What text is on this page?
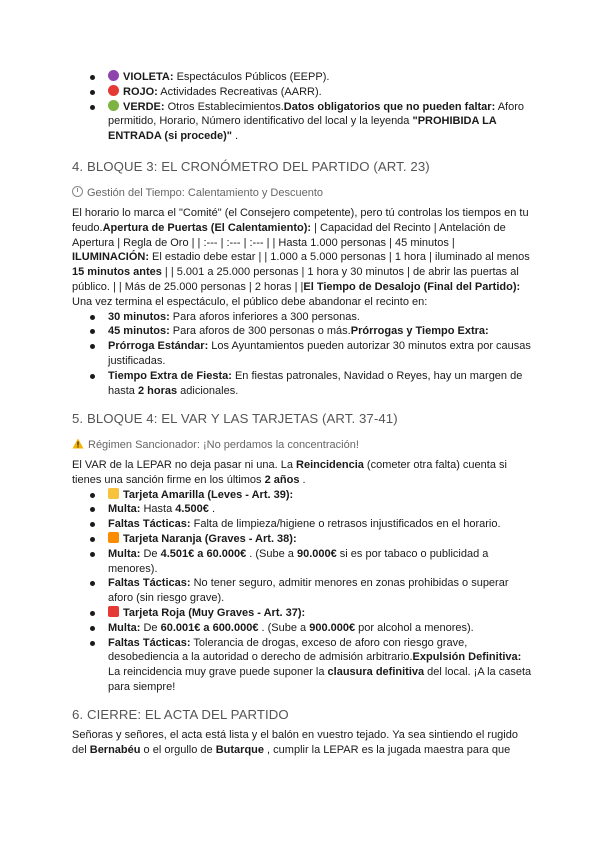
VIOLETA: Espectáculos Públicos (EEPP).
ROJO: Actividades Recreativas (AARR).
VERDE: Otros Establecimientos.Datos obligatorios que no pueden faltar: Aforo permitido, Horario, Número identificativo del local y la leyenda "PROHIBIDA LA ENTRADA (si procede)" .

4. BLOQUE 3: EL CRONÓMETRO DEL PARTIDO (ART. 23)

Gestión del Tiempo: Calentamiento y Descuento

El horario lo marca el "Comité" (el Consejero competente), pero tú controlas los tiempos en tu feudo.Apertura de Puertas (El Calentamiento): | Capacidad del Recinto | Antelación de Apertura | Regla de Oro | | :--- | :--- | :--- | | Hasta 1.000 personas | 45 minutos | ILUMINACIÓN: El estadio debe estar | | 1.000 a 5.000 personas | 1 hora | iluminado al menos 15 minutos antes | | 5.001 a 25.000 personas | 1 hora y 30 minutos | de abrir las puertas al público. | | Más de 25.000 personas | 2 horas | |El Tiempo de Desalojo (Final del Partido): Una vez termina el espectáculo, el público debe abandonar el recinto en:

30 minutos: Para aforos inferiores a 300 personas.
45 minutos: Para aforos de 300 personas o más.Prórrogas y Tiempo Extra:
Prórroga Estándar: Los Ayuntamientos pueden autorizar 30 minutos extra por causas justificadas.
Tiempo Extra de Fiesta: En fiestas patronales, Navidad o Reyes, hay un margen de hasta 2 horas adicionales.

5. BLOQUE 4: EL VAR Y LAS TARJETAS (ART. 37-41)

Régimen Sancionador: ¡No perdamos la concentración!

El VAR de la LEPAR no deja pasar ni una. La Reincidencia (cometer otra falta) cuenta si tienes una sanción firme en los últimos 2 años .

Tarjeta Amarilla (Leves - Art. 39):
Multa: Hasta 4.500€ .
Faltas Tácticas: Falta de limpieza/higiene o retrasos injustificados en el horario.
Tarjeta Naranja (Graves - Art. 38):
Multa: De 4.501€ a 60.000€ . (Sube a 90.000€ si es por tabaco o publicidad a menores).
Faltas Tácticas: No tener seguro, admitir menores en zonas prohibidas o superar aforo (sin riesgo grave).
Tarjeta Roja (Muy Graves - Art. 37):
Multa: De 60.001€ a 600.000€ . (Sube a 900.000€ por alcohol a menores).
Faltas Tácticas: Tolerancia de drogas, exceso de aforo con riesgo grave, desobediencia a la autoridad o derecho de admisión arbitrario.Expulsión Definitiva: La reincidencia muy grave puede suponer la clausura definitiva del local. ¡A la caseta para siempre!

6. CIERRE: EL ACTA DEL PARTIDO

Señoras y señores, el acta está lista y el balón en vuestro tejado. Ya sea sintiendo el rugido del Bernabéu o el orgullo de Butarque , cumplir la LEPAR es la jugada maestra para que
